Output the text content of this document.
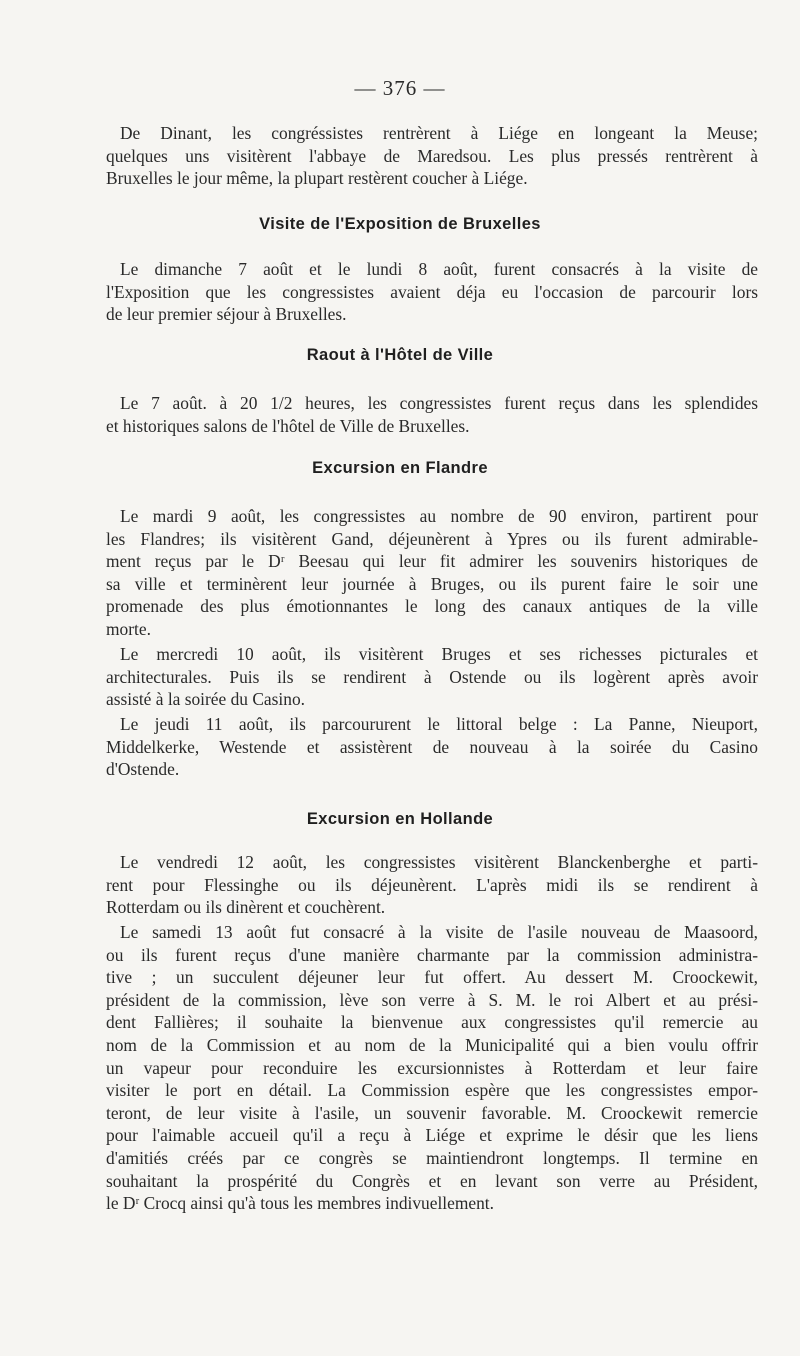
— 376 —
De Dinant, les congréssistes rentrèrent à Liége en longeant la Meuse;
quelques uns visitèrent l'abbaye de Maredsou. Les plus pressés rentrèrent à
Bruxelles le jour même, la plupart restèrent coucher à Liége.
Visite de l'Exposition de Bruxelles
Le dimanche 7 août et le lundi 8 août, furent consacrés à la visite de
l'Exposition que les congressistes avaient déja eu l'occasion de parcourir lors
de leur premier séjour à Bruxelles.
Raout à l'Hôtel de Ville
Le 7 août. à 20 1/2 heures, les congressistes furent reçus dans les splendides
et historiques salons de l'hôtel de Ville de Bruxelles.
Excursion en Flandre
Le mardi 9 août, les congressistes au nombre de 90 environ, partirent pour
les Flandres; ils visitèrent Gand, déjeunèrent à Ypres ou ils furent admirable-
ment reçus par le Dʳ Beesau qui leur fit admirer les souvenirs historiques de
sa ville et terminèrent leur journée à Bruges, ou ils purent faire le soir une
promenade des plus émotionnantes le long des canaux antiques de la ville
morte.
Le mercredi 10 août, ils visitèrent Bruges et ses richesses picturales et
architecturales. Puis ils se rendirent à Ostende ou ils logèrent après avoir
assisté à la soirée du Casino.
Le jeudi 11 août, ils parcoururent le littoral belge : La Panne, Nieuport,
Middelkerke, Westende et assistèrent de nouveau à la soirée du Casino
d'Ostende.
Excursion en Hollande
Le vendredi 12 août, les congressistes visitèrent Blanckenberghe et parti-
rent pour Flessinghe ou ils déjeunèrent. L'après midi ils se rendirent à
Rotterdam ou ils dinèrent et couchèrent.
Le samedi 13 août fut consacré à la visite de l'asile nouveau de Maasoord,
ou ils furent reçus d'une manière charmante par la commission administra-
tive ; un succulent déjeuner leur fut offert. Au dessert M. Croockewit,
président de la commission, lève son verre à S. M. le roi Albert et au prési-
dent Fallières; il souhaite la bienvenue aux congressistes qu'il remercie au
nom de la Commission et au nom de la Municipalité qui a bien voulu offrir
un vapeur pour reconduire les excursionnistes à Rotterdam et leur faire
visiter le port en détail. La Commission espère que les congressistes empor-
teront, de leur visite à l'asile, un souvenir favorable. M. Croockewit remercie
pour l'aimable accueil qu'il a reçu à Liége et exprime le désir que les liens
d'amitiés créés par ce congrès se maintiendront longtemps. Il termine en
souhaitant la prospérité du Congrès et en levant son verre au Président,
le Dʳ Crocq ainsi qu'à tous les membres indivuellement.
